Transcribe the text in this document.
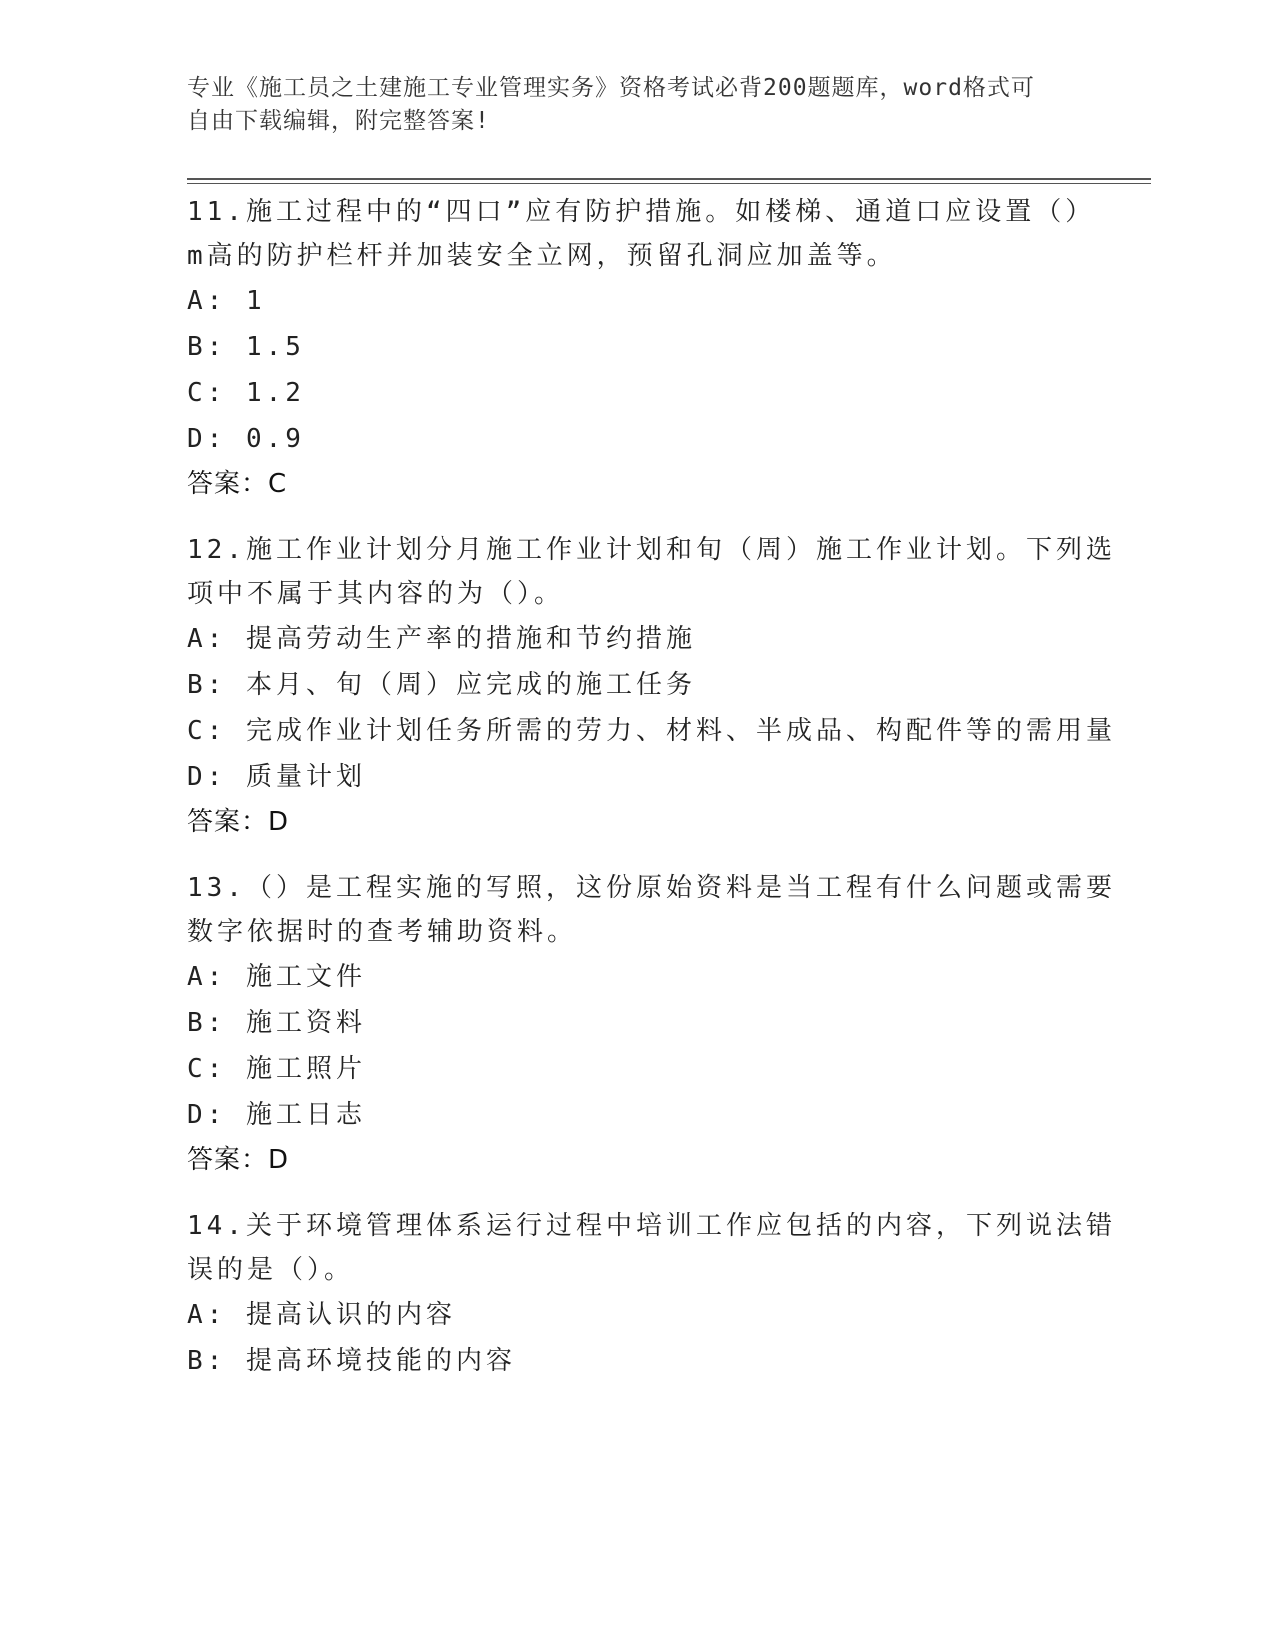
专业《施工员之土建施工专业管理实务》资格考试必背200题题库，word格式可
自由下载编辑，附完整答案!
11.施工过程中的“四口”应有防护措施。如楼梯、通道口应设置（）
m高的防护栏杆并加装安全立网，预留孔洞应加盖等。
A: 1
B: 1.5
C: 1.2
D: 0.9
答案：C
12.施工作业计划分月施工作业计划和旬（周）施工作业计划。下列选
项中不属于其内容的为（）。
A: 提高劳动生产率的措施和节约措施
B: 本月、旬（周）应完成的施工任务
C: 完成作业计划任务所需的劳力、材料、半成品、构配件等的需用量
D: 质量计划
答案：D
13.（）是工程实施的写照，这份原始资料是当工程有什么问题或需要
数字依据时的查考辅助资料。
A: 施工文件
B: 施工资料
C: 施工照片
D: 施工日志
答案：D
14.关于环境管理体系运行过程中培训工作应包括的内容，下列说法错
误的是（）。
A: 提高认识的内容
B: 提高环境技能的内容
